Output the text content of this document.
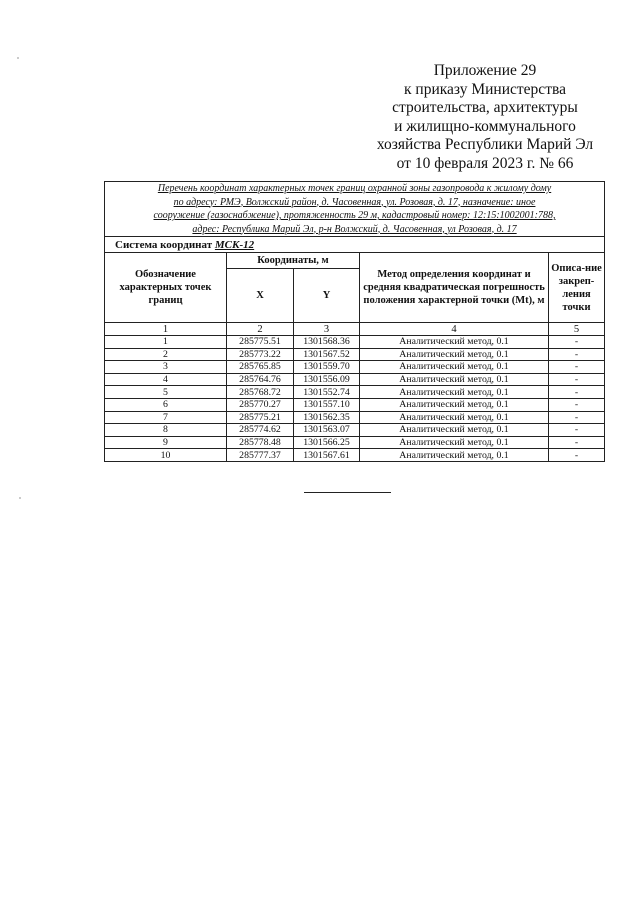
Приложение 29
к приказу Министерства
строительства, архитектуры
и жилищно-коммунального
хозяйства Республики Марий Эл
от 10 февраля 2023 г. № 66
Перечень координат характерных точек границ охранной зоны газопровода к жилому дому
по адресу: РМЭ, Волжский район, д. Часовенная, ул. Розовая, д. 17, назначение: иное
сооружение (газоснабжение), протяженность 29 м, кадастровый номер: 12:15:1002001:788,
адрес: Республика Марий Эл, р-н Волжский, д. Часовенная, ул Розовая, д. 17				

Система координат МСК-12				
Обозначение характерных точек границ	Координаты, м		Метод определения координат и средняя квадратическая погрешность положения характерной точки (Mt), м	Описа-ние закреп-ления точки
	X	Y		
1	2	3	4	5
1	285775.51	1301568.36	Аналитический метод, 0.1	-
2	285773.22	1301567.52	Аналитический метод, 0.1	-
3	285765.85	1301559.70	Аналитический метод, 0.1	-
4	285764.76	1301556.09	Аналитический метод, 0.1	-
5	285768.72	1301552.74	Аналитический метод, 0.1	-
6	285770.27	1301557.10	Аналитический метод, 0.1	-
7	285775.21	1301562.35	Аналитический метод, 0.1	-
8	285774.62	1301563.07	Аналитический метод, 0.1	-
9	285778.48	1301566.25	Аналитический метод, 0.1	-
10	285777.37	1301567.61	Аналитический метод, 0.1	-
